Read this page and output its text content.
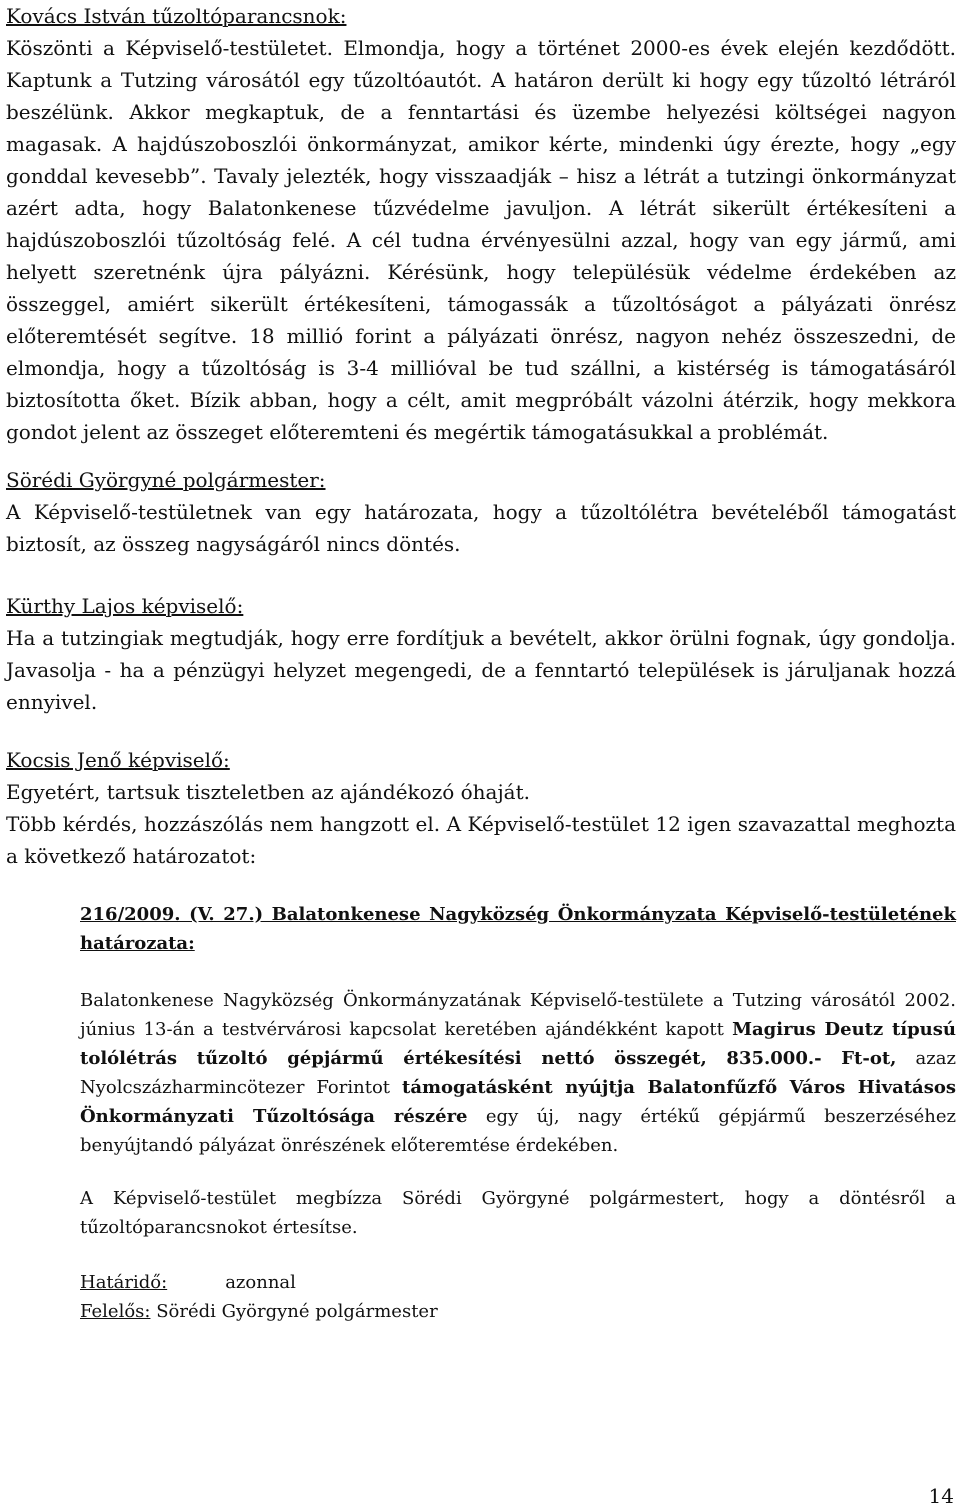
Kovács István tűzoltóparancsnok:
Köszönti a Képviselő-testületet. Elmondja, hogy a történet 2000-es évek elején kezdődött. Kaptunk a Tutzing városától egy tűzoltóautót. A határon derült ki hogy egy tűzoltó létráról beszélünk. Akkor megkaptuk, de a fenntartási és üzembe helyezési költségei nagyon magasak. A hajdúszoboszlói önkormányzat, amikor kérte, mindenki úgy érezte, hogy „egy gonddal kevesebb”. Tavaly jelezték, hogy visszaadják – hisz a létrát a tutzingi önkormányzat azért adta, hogy Balatonkenese tűzvédelme javuljon. A létrát sikerült értékesíteni a hajdúszoboszlói tűzoltóság felé. A cél tudna érvényesülni azzal, hogy van egy jármű, ami helyett szeretnénk újra pályázni. Kérésünk, hogy településük védelme érdekében az összeggel, amiért sikerült értékesíteni, támogassák a tűzoltóságot a pályázati önrész előteremtését segítve. 18 millió forint a pályázati önrész, nagyon nehéz összeszedni, de elmondja, hogy a tűzoltóság is 3-4 millióval be tud szállni, a kistérség is támogatásáról biztosította őket. Bízik abban, hogy a célt, amit megpróbált vázolni átérzik, hogy mekkora gondot jelent az összeget előteremteni és megértik támogatásukkal a problémát.
Sörédi Györgyné polgármester:
A Képviselő-testületnek van egy határozata, hogy a tűzoltólétra bevételéből támogatást biztosít, az összeg nagyságáról nincs döntés.
Kürthy Lajos képviselő:
Ha a tutzingiak megtudják, hogy erre fordítjuk a bevételt, akkor örülni fognak, úgy gondolja. Javasolja - ha a pénzügyi helyzet megengedi, de a fenntartó települések is járuljanak hozzá ennyivel.
Kocsis Jenő képviselő:
Egyetért, tartsuk tiszteletben az ajándékozó óhaját.
Több kérdés, hozzászólás nem hangzott el. A Képviselő-testület 12 igen szavazattal meghozta a következő határozatot:
216/2009. (V. 27.) Balatonkenese Nagyközség Önkormányzata Képviselő-testületének határozata:
Balatonkenese Nagyközség Önkormányzatának Képviselő-testülete a Tutzing városától 2002. június 13-án a testvérvárosi kapcsolat keretében ajándékként kapott Magirus Deutz típusú tolólétrás tűzoltó gépjármű értékesítési nettó összegét, 835.000.- Ft-ot, azaz Nyolcszázharmincötezer Forintot támogatásként nyújtja Balatonfűzfő Város Hivatásos Önkormányzati Tűzoltósága részére egy új, nagy értékű gépjármű beszerzéséhez benyújtandó pályázat önrészének előteremtése érdekében.
A Képviselő-testület megbízza Sörédi Györgyné polgármestert, hogy a döntésről a tűzoltóparancsnokot értesítse.
Határidő:	azonnal
Felelős: Sörédi Györgyné polgármester
14
